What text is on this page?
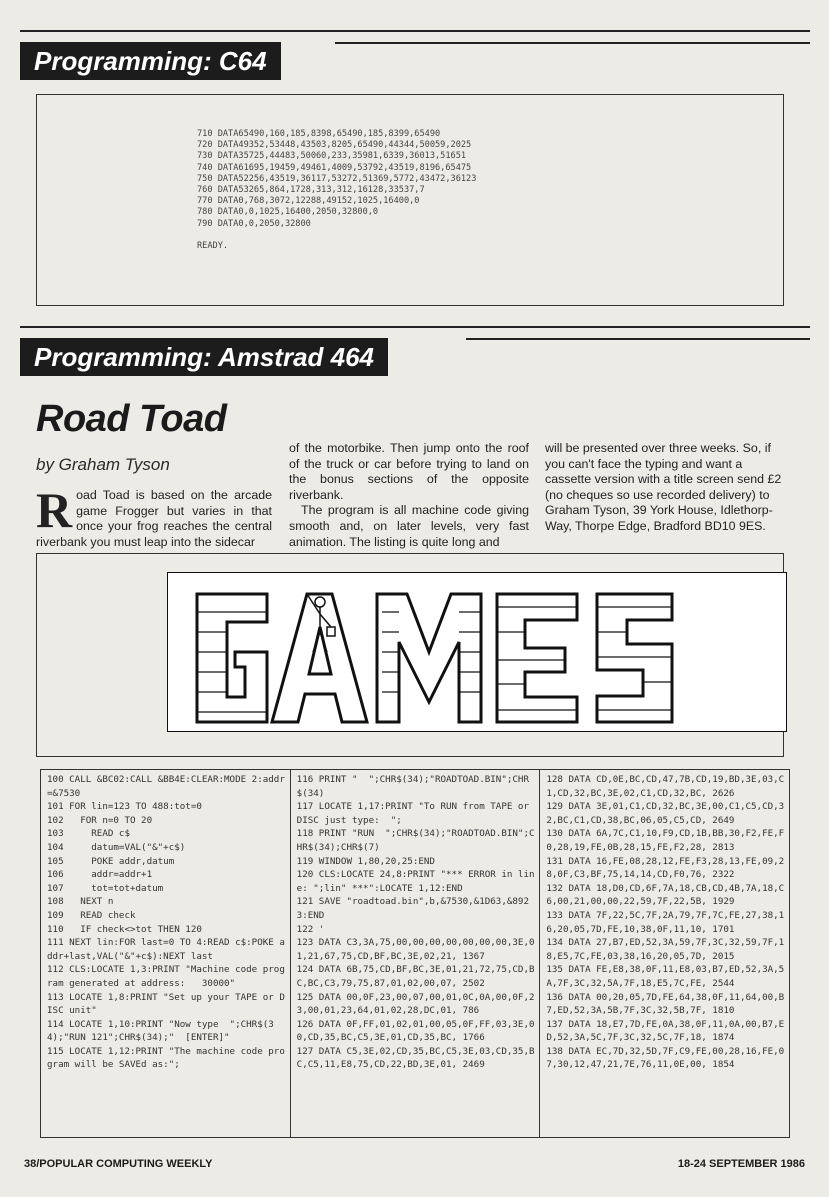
Programming: C64
710 DATA65490,160,185,8398,65490,185,8399,65490
720 DATA49352,53448,43503,8205,65490,44344,50059,2025
730 DATA35725,44483,50060,233,35981,6339,36013,51651
740 DATA61695,19459,49461,4009,53792,43519,8196,65475
750 DATA52256,43519,36117,53272,51369,5772,43472,36123
760 DATA53265,864,1728,313,312,16128,33537,7
770 DATA0,768,3072,12288,49152,1025,16400,0
780 DATA0,0,1025,16400,2050,32800,0
790 DATA0,0,2050,32800

READY.
Programming: Amstrad 464
Road Toad
by Graham Tyson

Road Toad is based on the arcade game Frogger but varies in that once your frog reaches the central riverbank you must leap into the sidecar

of the motorbike. Then jump onto the roof of the truck or car before trying to land on the bonus sections of the opposite riverbank.

The program is all machine code giving smooth and, on later levels, very fast animation. The listing is quite long and

will be presented over three weeks. So, if you can't face the typing and want a cassette version with a title screen send £2 (no cheques so use recorded delivery) to Graham Tyson, 39 York House, Idlethorp-Way, Thorpe Edge, Bradford BD10 9ES.

100 CALL &BC02:CALL &BB4E:CLEAR:MODE 2:addr=&7530
101 FOR lin=123 TO 488:tot=0
102   FOR n=0 TO 20
103     READ c$
104     datum=VAL("&"+c$)
105     POKE addr,datum
106     addr=addr+1
107     tot=tot+datum
108   NEXT n
109   READ check
110   IF check<>tot THEN 120
111 NEXT lin:FOR last=0 TO 4:READ c$:POKE addr+last,VAL("&"+c$):NEXT last
112 CLS:LOCATE 1,3:PRINT "Machine code program generated at address:   30000"
113 LOCATE 1,8:PRINT "Set up your TAPE or DISC unit"
114 LOCATE 1,10:PRINT "Now type  ";CHR$(34);"RUN 121";CHR$(34);"  [ENTER]"
115 LOCATE 1,12:PRINT "The machine code program will be SAVEd as:";
116 PRINT "  ";CHR$(34);"ROADTOAD.BIN";CHR$(34)
117 LOCATE 1,17:PRINT "To RUN from TAPE or DISC just type:  ";
118 PRINT "RUN  ";CHR$(34);"ROADTOAD.BIN";CHR$(34);CHR$(7)
119 WINDOW 1,80,20,25:END
120 CLS:LOCATE 24,8:PRINT "*** ERROR in line: ";lin" ***":LOCATE 1,12:END
121 SAVE "roadtoad.bin",b,&7530,&1D63,&8923:END
122 '
123 DATA C3,3A,75,00,00,00,00,00,00,00,3E,01,21,67,75,CD,BF,BC,3E,02,21, 1367
124 DATA 6B,75,CD,BF,BC,3E,01,21,72,75,CD,BC,BC,C3,79,75,87,01,02,00,07, 2502
125 DATA 00,0F,23,00,07,00,01,0C,0A,00,0F,23,00,01,23,64,01,02,28,DC,01, 786
126 DATA 0F,FF,01,02,01,00,05,0F,FF,03,3E,00,CD,35,BC,C5,3E,01,CD,35,BC, 1766
127 DATA C5,3E,02,CD,35,BC,C5,3E,03,CD,35,BC,C5,11,E8,75,CD,22,BD,3E,01, 2469
128 DATA CD,0E,BC,CD,47,7B,CD,19,BD,3E,03,C1,CD,32,BC,3E,02,C1,CD,32,BC, 2626
129 DATA 3E,01,C1,CD,32,BC,3E,00,C1,C5,CD,32,BC,C1,CD,38,BC,06,05,C5,CD, 2649
130 DATA 6A,7C,C1,10,F9,CD,1B,BB,30,F2,FE,F0,28,19,FE,0B,28,15,FE,F2,28, 2813
131 DATA 16,FE,08,28,12,FE,F3,28,13,FE,09,28,0F,C3,BF,75,14,14,CD,F0,76, 2322
132 DATA 18,D0,CD,6F,7A,18,CB,CD,4B,7A,18,C6,00,21,00,00,22,59,7F,22,5B, 1929
133 DATA 7F,22,5C,7F,2A,79,7F,7C,FE,27,38,16,20,05,7D,FE,10,38,0F,11,10, 1701
134 DATA 27,B7,ED,52,3A,59,7F,3C,32,59,7F,18,E5,7C,FE,03,38,16,20,05,7D, 2015
135 DATA FE,E8,38,0F,11,E8,03,B7,ED,52,3A,5A,7F,3C,32,5A,7F,18,E5,7C,FE, 2544
136 DATA 00,20,05,7D,FE,64,38,0F,11,64,00,B7,ED,52,3A,5B,7F,3C,32,5B,7F, 1810
137 DATA 18,E7,7D,FE,0A,38,0F,11,0A,00,B7,ED,52,3A,5C,7F,3C,32,5C,7F,18, 1874
138 DATA EC,7D,32,5D,7F,C9,FE,00,28,16,FE,07,30,12,47,21,7E,76,11,0E,00, 1854
38/POPULAR COMPUTING WEEKLY	18-24 SEPTEMBER 1986
